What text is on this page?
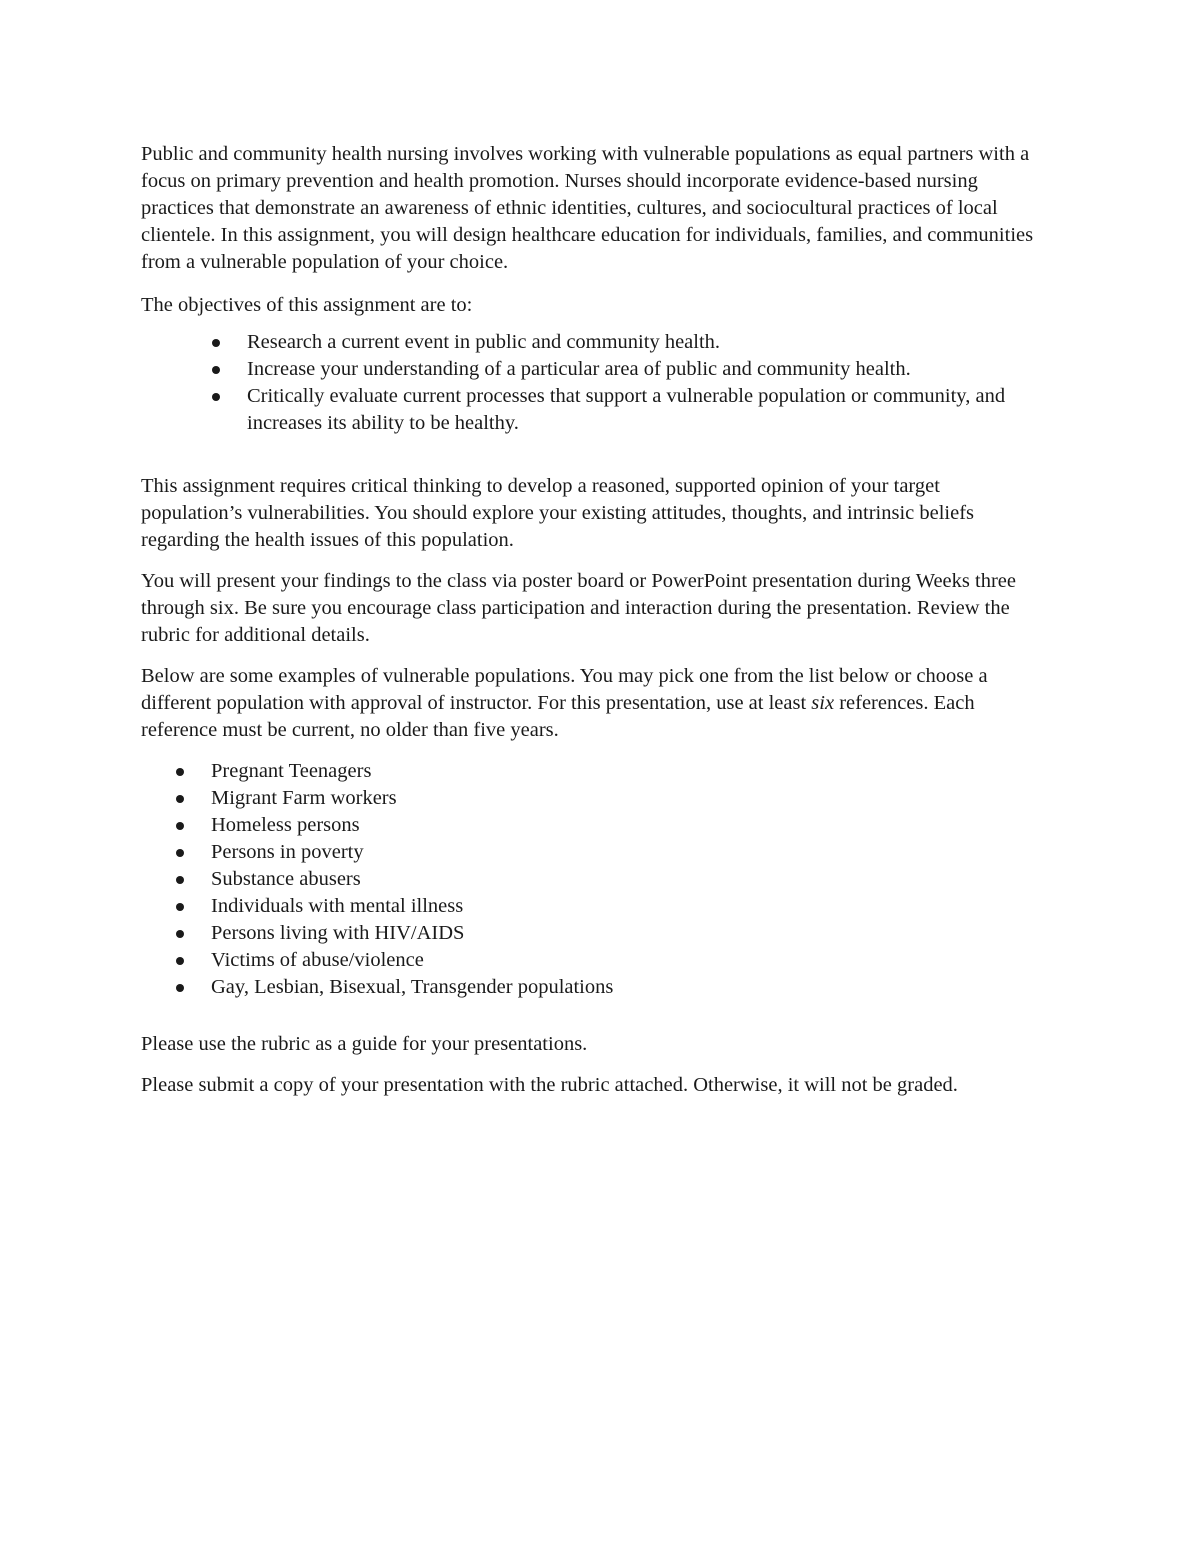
Public and community health nursing involves working with vulnerable populations as equal partners with a focus on primary prevention and health promotion. Nurses should incorporate evidence-based nursing practices that demonstrate an awareness of ethnic identities, cultures, and sociocultural practices of local clientele. In this assignment, you will design healthcare education for individuals, families, and communities from a vulnerable population of your choice.

The objectives of this assignment are to:

Research a current event in public and community health.
Increase your understanding of a particular area of public and community health.
Critically evaluate current processes that support a vulnerable population or community, and increases its ability to be healthy.

This assignment requires critical thinking to develop a reasoned, supported opinion of your target population’s vulnerabilities. You should explore your existing attitudes, thoughts, and intrinsic beliefs regarding the health issues of this population.

You will present your findings to the class via poster board or PowerPoint presentation during Weeks three through six. Be sure you encourage class participation and interaction during the presentation. Review the rubric for additional details.

Below are some examples of vulnerable populations. You may pick one from the list below or choose a different population with approval of instructor. For this presentation, use at least six references. Each reference must be current, no older than five years.

Pregnant Teenagers
Migrant Farm workers
Homeless persons
Persons in poverty
Substance abusers
Individuals with mental illness
Persons living with HIV/AIDS
Victims of abuse/violence
Gay, Lesbian, Bisexual, Transgender populations

Please use the rubric as a guide for your presentations.

Please submit a copy of your presentation with the rubric attached. Otherwise, it will not be graded.
